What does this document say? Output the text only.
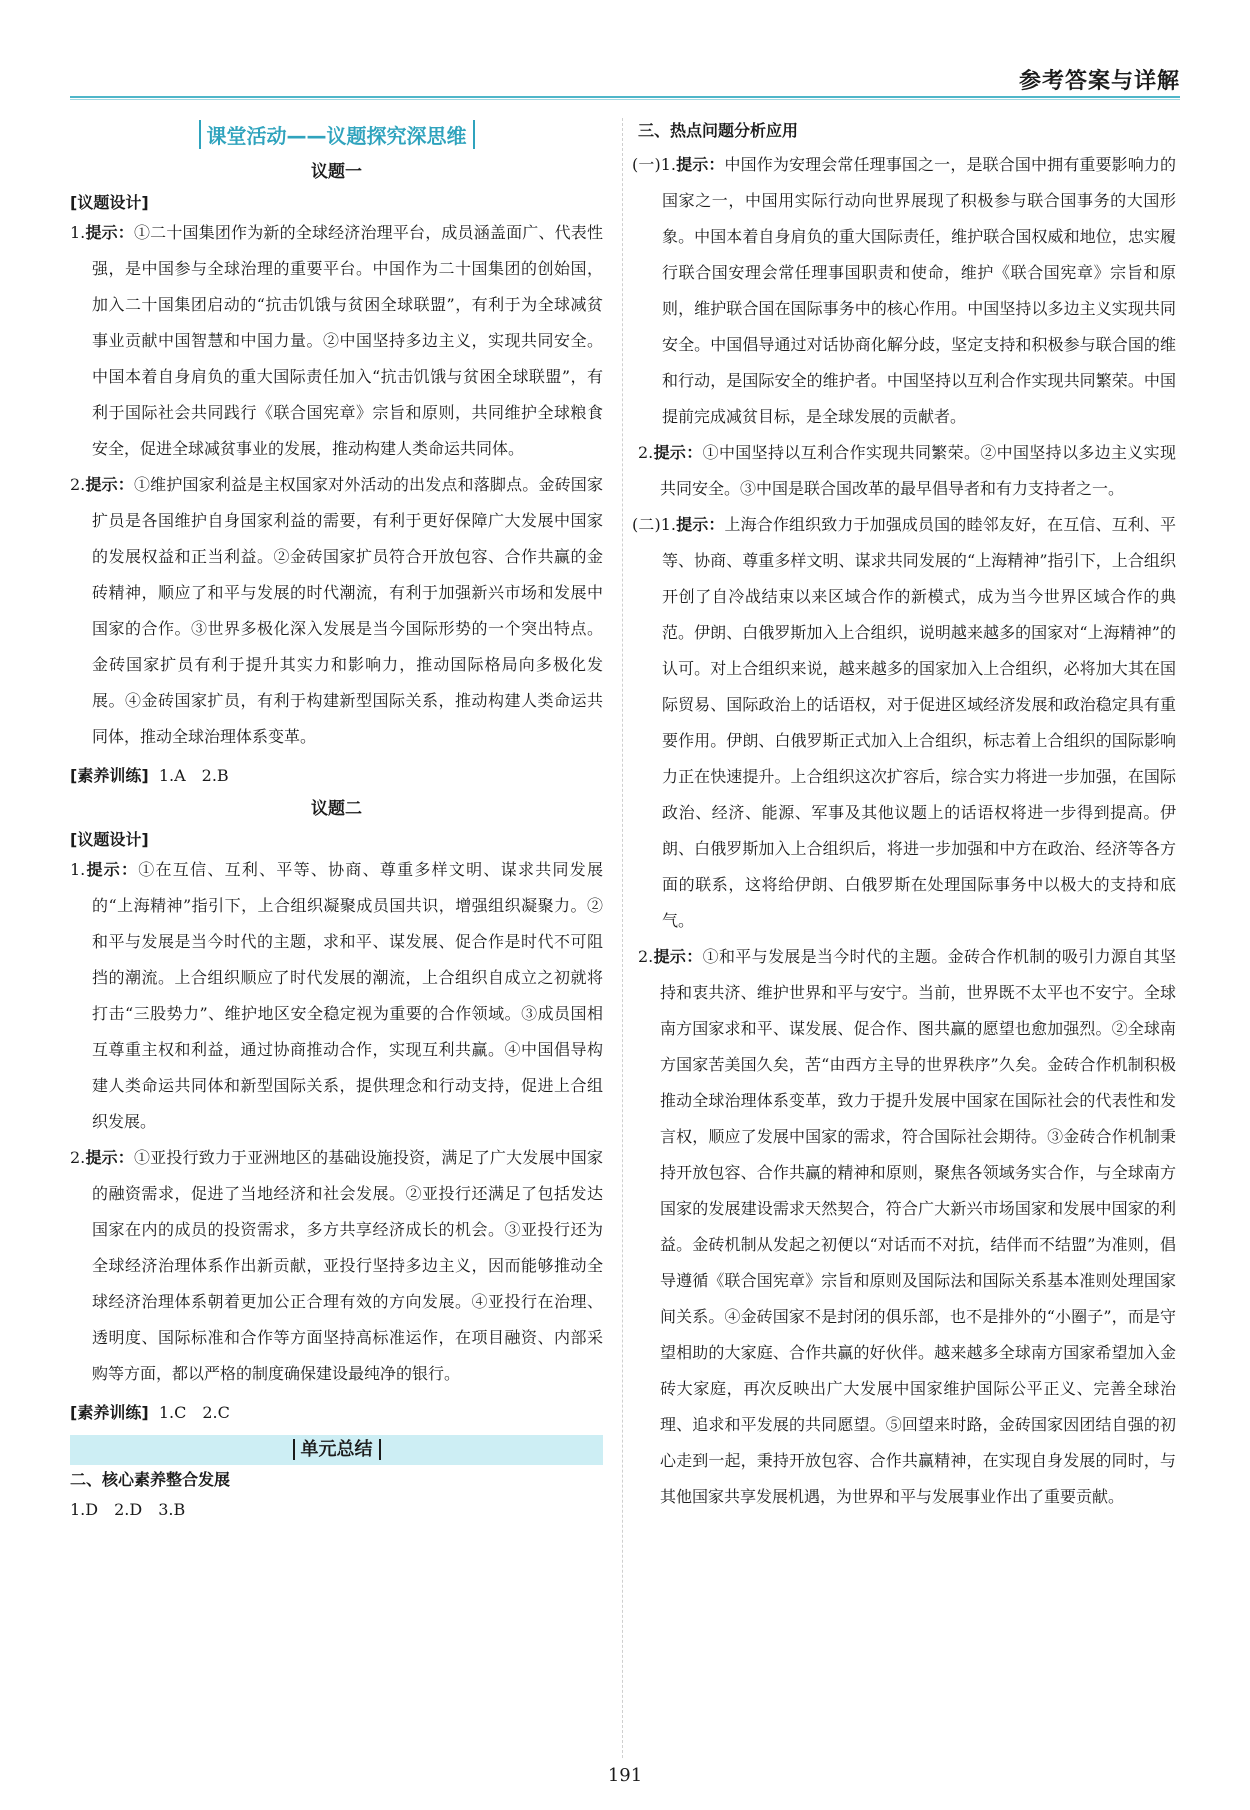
参考答案与详解
课堂活动——议题探究深思维
议题一
[议题设计]

1.提示：①二十国集团作为新的全球经济治理平台，成员涵盖面广、代表性强，是中国参与全球治理的重要平台。中国作为二十国集团的创始国，加入二十国集团启动的“抗击饥饿与贫困全球联盟”，有利于为全球减贫事业贡献中国智慧和中国力量。②中国坚持多边主义，实现共同安全。中国本着自身肩负的重大国际责任加入“抗击饥饿与贫困全球联盟”，有利于国际社会共同践行《联合国宪章》宗旨和原则，共同维护全球粮食安全，促进全球减贫事业的发展，推动构建人类命运共同体。

2.提示：①维护国家利益是主权国家对外活动的出发点和落脚点。金砖国家扩员是各国维护自身国家利益的需要，有利于更好保障广大发展中国家的发展权益和正当利益。②金砖国家扩员符合开放包容、合作共赢的金砖精神，顺应了和平与发展的时代潮流，有利于加强新兴市场和发展中国家的合作。③世界多极化深入发展是当今国际形势的一个突出特点。金砖国家扩员有利于提升其实力和影响力，推动国际格局向多极化发展。④金砖国家扩员，有利于构建新型国际关系，推动构建人类命运共同体，推动全球治理体系变革。

[素养训练] 1.A　2.B
议题二
[议题设计]

1.提示：①在互信、互利、平等、协商、尊重多样文明、谋求共同发展的“上海精神”指引下，上合组织凝聚成员国共识，增强组织凝聚力。②和平与发展是当今时代的主题，求和平、谋发展、促合作是时代不可阻挡的潮流。上合组织顺应了时代发展的潮流，上合组织自成立之初就将打击“三股势力”、维护地区安全稳定视为重要的合作领域。③成员国相互尊重主权和利益，通过协商推动合作，实现互利共赢。④中国倡导构建人类命运共同体和新型国际关系，提供理念和行动支持，促进上合组织发展。

2.提示：①亚投行致力于亚洲地区的基础设施投资，满足了广大发展中国家的融资需求，促进了当地经济和社会发展。②亚投行还满足了包括发达国家在内的成员的投资需求，多方共享经济成长的机会。③亚投行还为全球经济治理体系作出新贡献，亚投行坚持多边主义，因而能够推动全球经济治理体系朝着更加公正合理有效的方向发展。④亚投行在治理、透明度、国际标准和合作等方面坚持高标准运作，在项目融资、内部采购等方面，都以严格的制度确保建设最纯净的银行。

[素养训练] 1.C　2.C
单元总结

二、核心素养整合发展

1.D　2.D　3.B

三、热点问题分析应用

(一)1.提示：中国作为安理会常任理事国之一，是联合国中拥有重要影响力的国家之一，中国用实际行动向世界展现了积极参与联合国事务的大国形象。中国本着自身肩负的重大国际责任，维护联合国权威和地位，忠实履行联合国安理会常任理事国职责和使命，维护《联合国宪章》宗旨和原则，维护联合国在国际事务中的核心作用。中国坚持以多边主义实现共同安全。中国倡导通过对话协商化解分歧，坚定支持和积极参与联合国的维和行动，是国际安全的维护者。中国坚持以互利合作实现共同繁荣。中国提前完成减贫目标，是全球发展的贡献者。

2.提示：①中国坚持以互利合作实现共同繁荣。②中国坚持以多边主义实现共同安全。③中国是联合国改革的最早倡导者和有力支持者之一。

(二)1.提示：上海合作组织致力于加强成员国的睦邻友好，在互信、互利、平等、协商、尊重多样文明、谋求共同发展的“上海精神”指引下，上合组织开创了自冷战结束以来区域合作的新模式，成为当今世界区域合作的典范。伊朗、白俄罗斯加入上合组织，说明越来越多的国家对“上海精神”的认可。对上合组织来说，越来越多的国家加入上合组织，必将加大其在国际贸易、国际政治上的话语权，对于促进区域经济发展和政治稳定具有重要作用。伊朗、白俄罗斯正式加入上合组织，标志着上合组织的国际影响力正在快速提升。上合组织这次扩容后，综合实力将进一步加强，在国际政治、经济、能源、军事及其他议题上的话语权将进一步得到提高。伊朗、白俄罗斯加入上合组织后，将进一步加强和中方在政治、经济等各方面的联系，这将给伊朗、白俄罗斯在处理国际事务中以极大的支持和底气。

2.提示：①和平与发展是当今时代的主题。金砖合作机制的吸引力源自其坚持和衷共济、维护世界和平与安宁。当前，世界既不太平也不安宁。全球南方国家求和平、谋发展、促合作、图共赢的愿望也愈加强烈。②全球南方国家苦美国久矣，苦“由西方主导的世界秩序”久矣。金砖合作机制积极推动全球治理体系变革，致力于提升发展中国家在国际社会的代表性和发言权，顺应了发展中国家的需求，符合国际社会期待。③金砖合作机制秉持开放包容、合作共赢的精神和原则，聚焦各领域务实合作，与全球南方国家的发展建设需求天然契合，符合广大新兴市场国家和发展中国家的利益。金砖机制从发起之初便以“对话而不对抗，结伴而不结盟”为准则，倡导遵循《联合国宪章》宗旨和原则及国际法和国际关系基本准则处理国家间关系。④金砖国家不是封闭的俱乐部，也不是排外的“小圈子”，而是守望相助的大家庭、合作共赢的好伙伴。越来越多全球南方国家希望加入金砖大家庭，再次反映出广大发展中国家维护国际公平正义、完善全球治理、追求和平发展的共同愿望。⑤回望来时路，金砖国家因团结自强的初心走到一起，秉持开放包容、合作共赢精神，在实现自身发展的同时，与其他国家共享发展机遇，为世界和平与发展事业作出了重要贡献。

191
